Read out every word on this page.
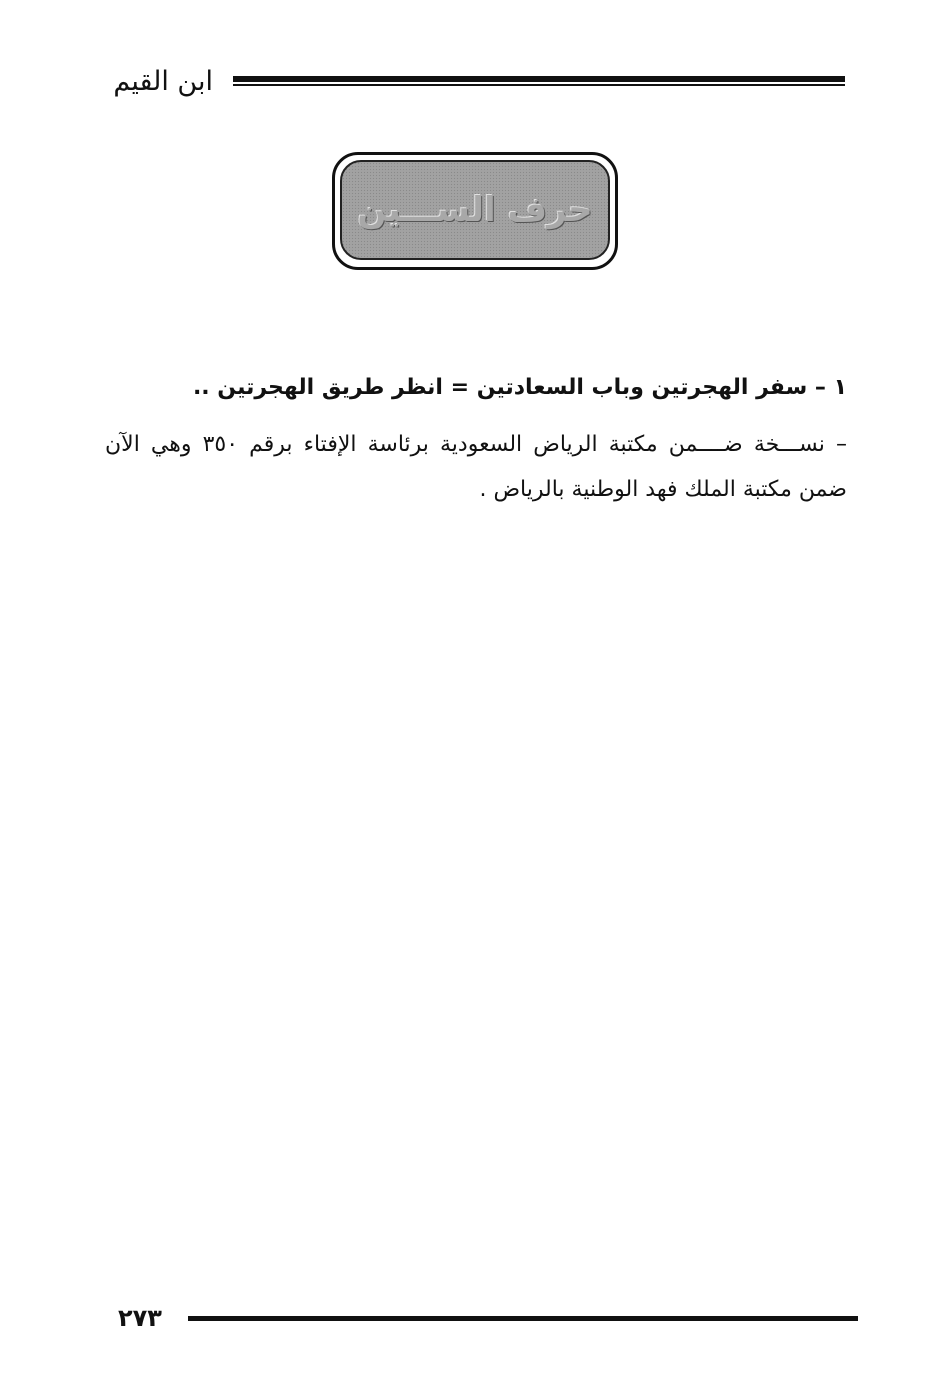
ابن القيم
حرف الســـين

١ – سفر الهجرتين وباب السعادتين = انظر طريق الهجرتين ..

– نســـخة ضــــمن مكتبة الرياض السعودية برئاسة الإفتاء برقم ٣٥٠ وهي الآن ضمن مكتبة الملك فهد الوطنية بالرياض .

٢٧٣
